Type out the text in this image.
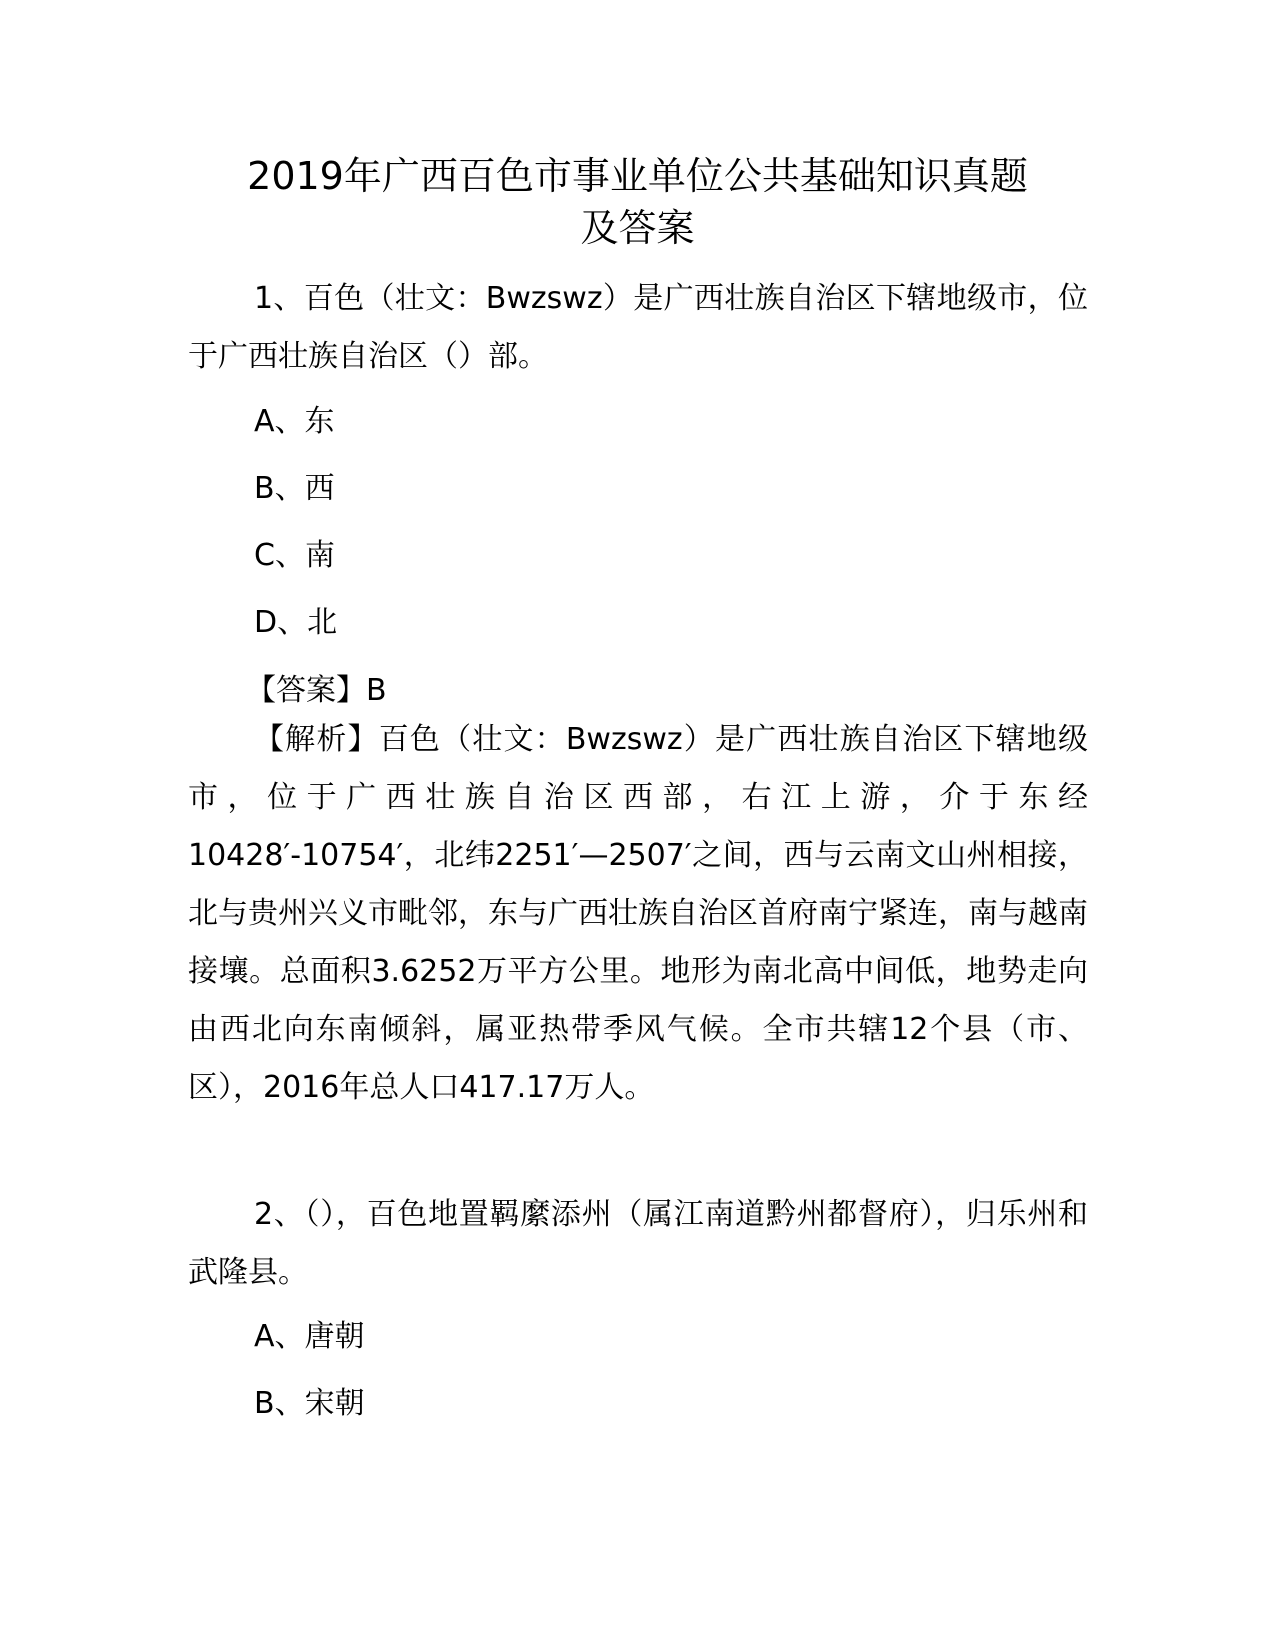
2019年广西百色市事业单位公共基础知识真题
及答案

1、百色（壮文：Bwzswz）是广西壮族自治区下辖地级市，位于广西壮族自治区（）部。

A、东

B、西

C、南

D、北

【答案】B

【解析】百色（壮文：Bwzswz）是广西壮族自治区下辖地级市，位于广西壮族自治区西部，右江上游，介于东经10428′-10754′，北纬2251′—2507′之间，西与云南文山州相接，北与贵州兴义市毗邻，东与广西壮族自治区首府南宁紧连，南与越南接壤。总面积3.6252万平方公里。地形为南北高中间低，地势走向由西北向东南倾斜，属亚热带季风气候。全市共辖12个县（市、区），2016年总人口417.17万人。

2、（），百色地置羁縻添州（属江南道黔州都督府），归乐州和武隆县。

A、唐朝

B、宋朝
